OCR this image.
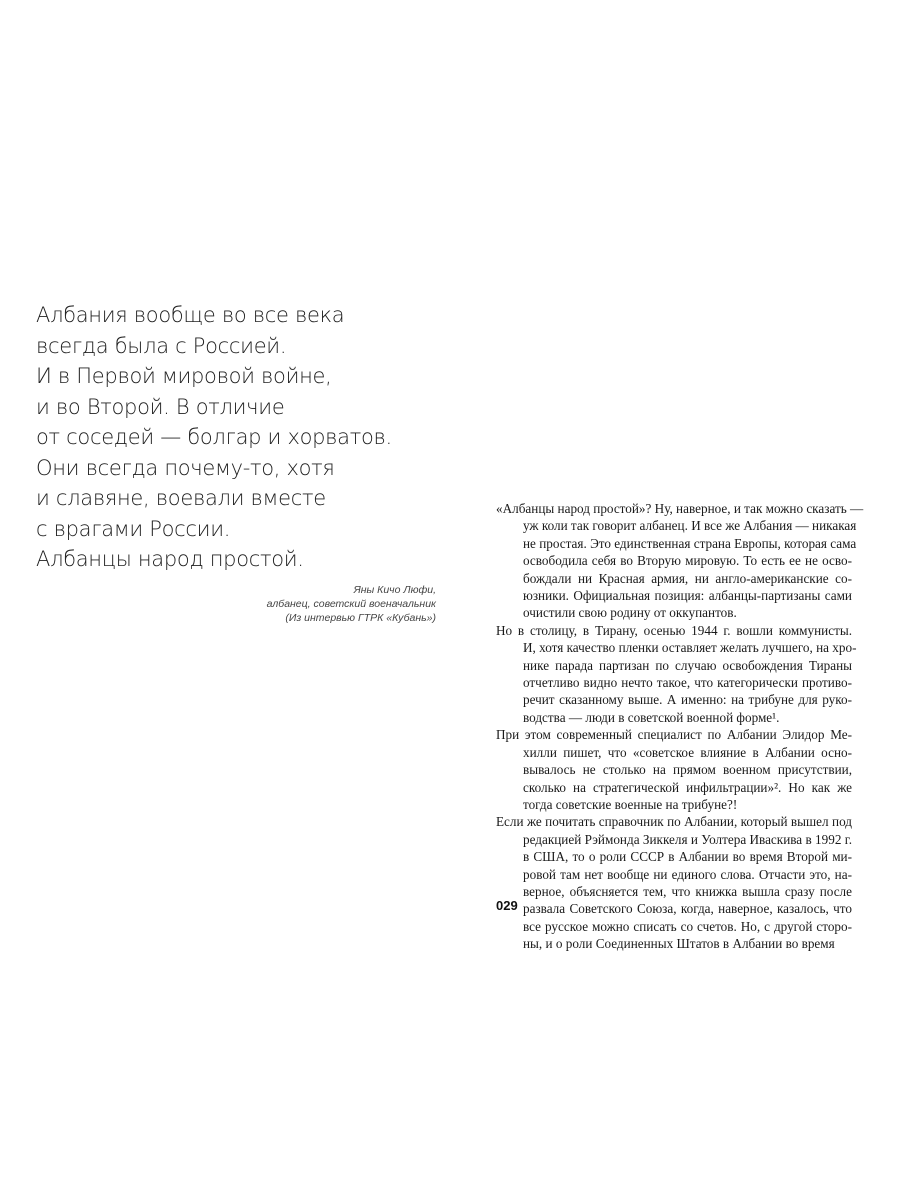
Албания вообще во все века
всегда была с Россией.
И в Первой мировой войне,
и во Второй. В отличие
от соседей — болгар и хорватов.
Они всегда почему-то, хотя
и славяне, воевали вместе
с врагами России.
Албанцы народ простой.
Яны Кичо Люфи,
албанец, советский военачальник
(Из интервью ГТРК «Кубань»)
«Албанцы народ простой»? Ну, наверное, и так можно сказать —
уж коли так говорит албанец. И все же Албания — никакая
не простая. Это единственная страна Европы, которая сама
освободила себя во Вторую мировую. То есть ее не осво-
бождали ни Красная армия, ни англо-американские со-
юзники. Официальная позиция: албанцы-партизаны сами
очистили свою родину от оккупантов.
Но в столицу, в Тирану, осенью 1944 г. вошли коммунисты.
И, хотя качество пленки оставляет желать лучшего, на хро-
нике парада партизан по случаю освобождения Тираны
отчетливо видно нечто такое, что категорически противо-
речит сказанному выше. А именно: на трибуне для руко-
водства — люди в советской военной форме¹.
При этом современный специалист по Албании Элидор Ме-
хилли пишет, что «советское влияние в Албании осно-
вывалось не столько на прямом военном присутствии,
сколько на стратегической инфильтрации»². Но как же
тогда советские военные на трибуне?!
Если же почитать справочник по Албании, который вышел под
редакцией Рэймонда Зиккеля и Уолтера Иваскива в 1992 г.
в США, то о роли СССР в Албании во время Второй ми-
ровой там нет вообще ни единого слова. Отчасти это, на-
верное, объясняется тем, что книжка вышла сразу после
развала Советского Союза, когда, наверное, казалось, что
все русское можно списать со счетов. Но, с другой сторо-
ны, и о роли Соединенных Штатов в Албании во время
029
